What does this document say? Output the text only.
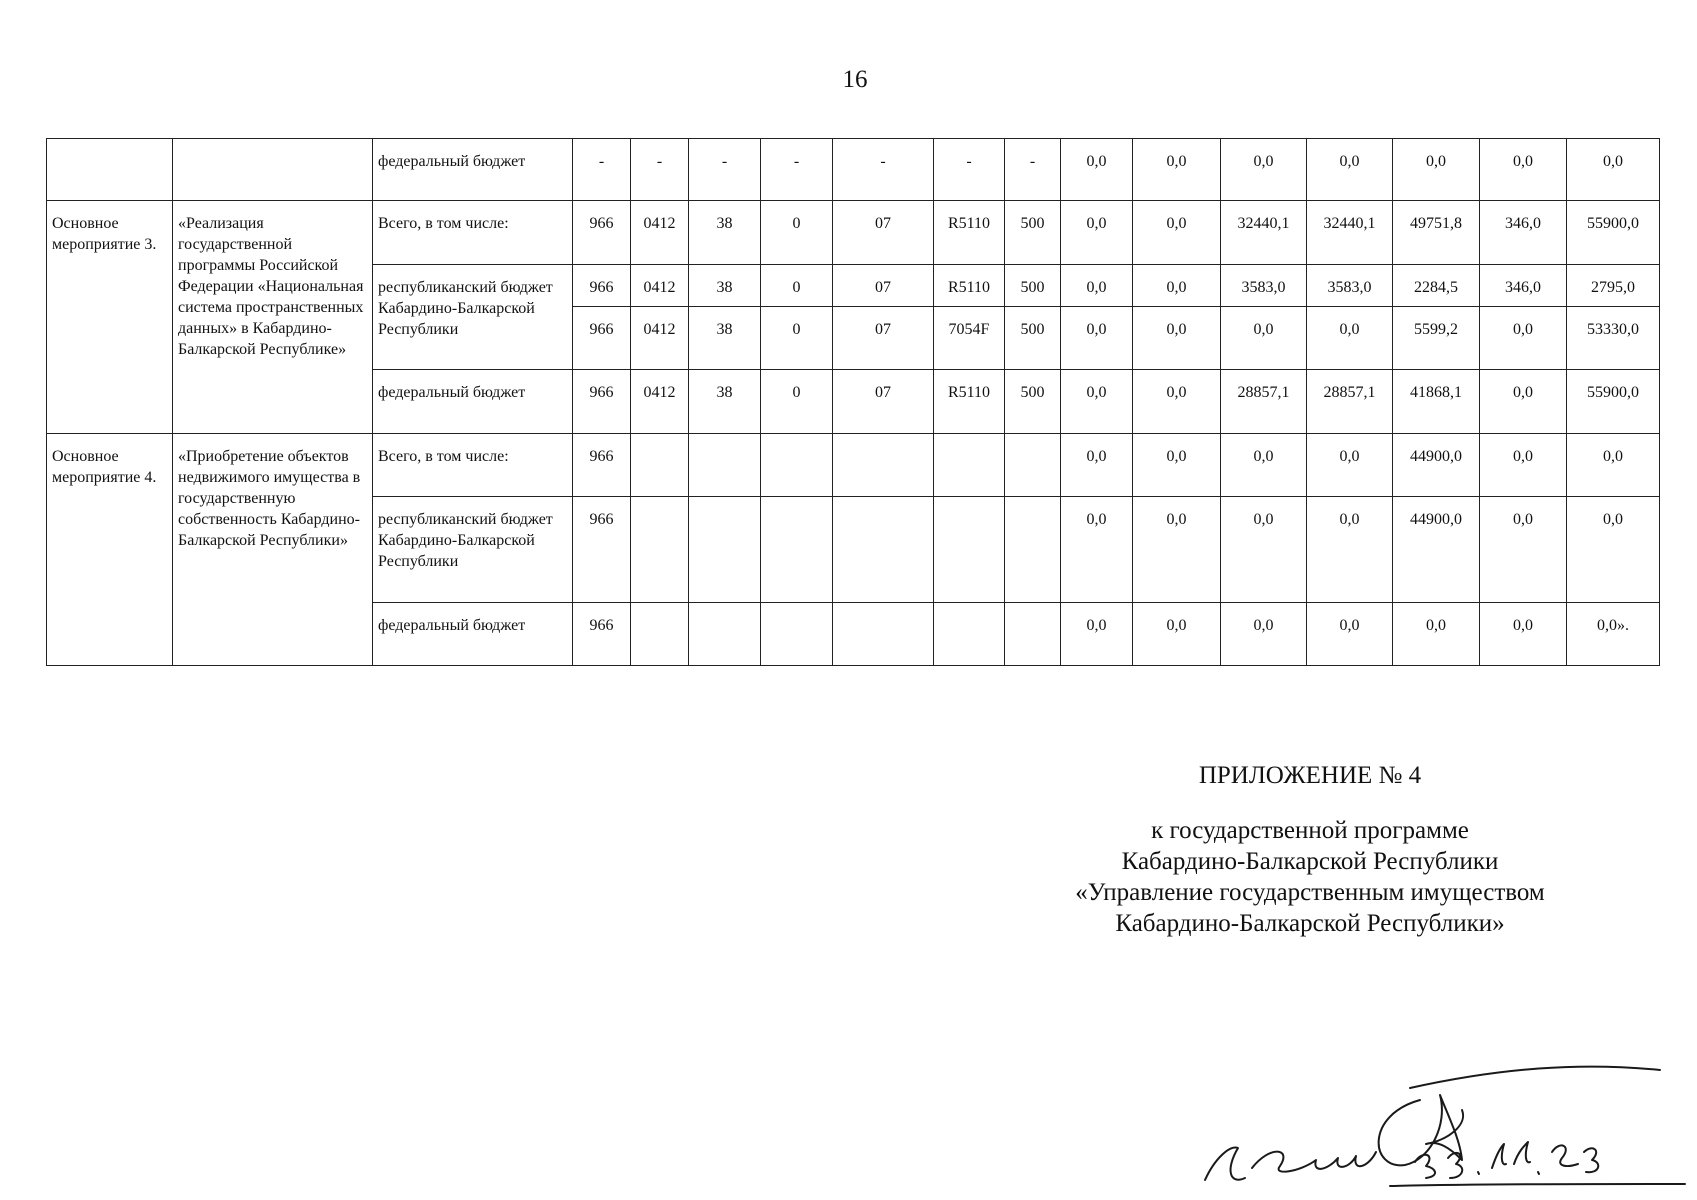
16
		федеральный бюджет	-	-	-	-	-	-	-	0,0	0,0	0,0	0,0	0,0	0,0	0,0
Основное мероприятие 3.	«Реализация государственной программы Российской Федерации «Национальная система пространственных данных» в Кабардино-Балкарской Республике»	Всего, в том числе:	966	0412	38	0	07	R5110	500	0,0	0,0	32440,1	32440,1	49751,8	346,0	55900,0
		республиканский бюджет Кабардино-Балкарской Республики	966	0412	38	0	07	R5110	500	0,0	0,0	3583,0	3583,0	2284,5	346,0	2795,0
			966	0412	38	0	07	7054F	500	0,0	0,0	0,0	0,0	5599,2	0,0	53330,0
		федеральный бюджет	966	0412	38	0	07	R5110	500	0,0	0,0	28857,1	28857,1	41868,1	0,0	55900,0
Основное мероприятие 4.	«Приобретение объектов недвижимого имущества в государственную собственность Кабардино-Балкарской Республики»	Всего, в том числе:	966							0,0	0,0	0,0	0,0	44900,0	0,0	0,0
		республиканский бюджет Кабардино-Балкарской Республики	966							0,0	0,0	0,0	0,0	44900,0	0,0	0,0
		федеральный бюджет	966							0,0	0,0	0,0	0,0	0,0	0,0	0,0».
ПРИЛОЖЕНИЕ № 4
к государственной программе
Кабардино-Балкарской Республики
«Управление государственным имуществом
Кабардино-Балкарской Республики»
